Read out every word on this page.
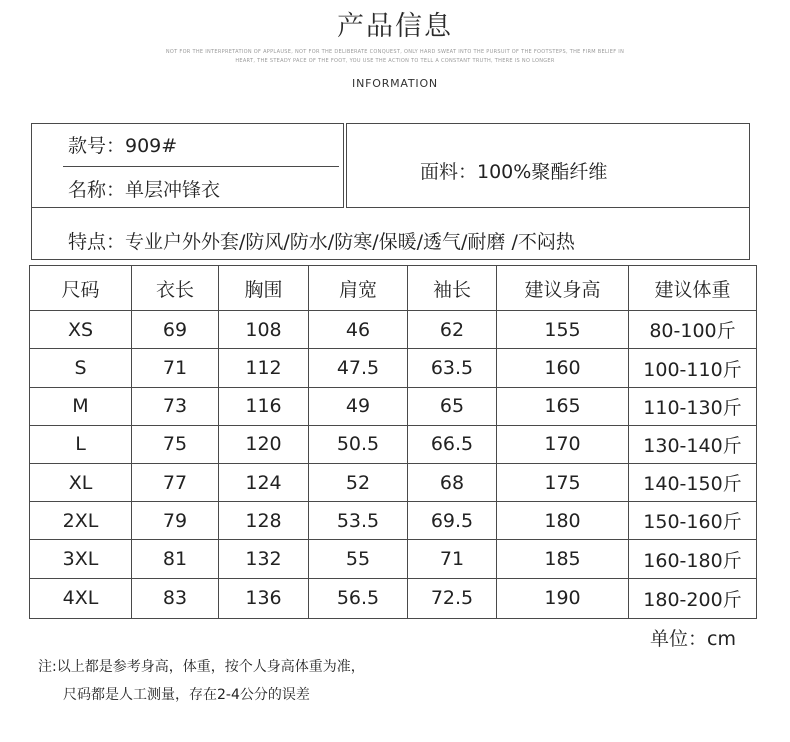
产品信息
NOT FOR THE INTERPRETATION OF APPLAUSE, NOT FOR THE DELIBERATE CONQUEST, ONLY HARD SWEAT INTO THE PURSUIT OF THE FOOTSTEPS, THE FIRM BELIEF IN
HEART, THE STEADY PACE OF THE FOOT, YOU USE THE ACTION TO TELL A CONSTANT TRUTH, THERE IS NO LONGER
INFORMATION
款号：909#
名称：单层冲锋衣
面料：100%聚酯纤维
特点：专业户外外套/防风/防水/防寒/保暖/透气/耐磨 /不闷热
尺码	衣长	胸围	肩宽	袖长	建议身高	建议体重
XS	69	108	46	62	155	80-100斤
S	71	112	47.5	63.5	160	100-110斤
M	73	116	49	65	165	110-130斤
L	75	120	50.5	66.5	170	130-140斤
XL	77	124	52	68	175	140-150斤
2XL	79	128	53.5	69.5	180	150-160斤
3XL	81	132	55	71	185	160-180斤
4XL	83	136	56.5	72.5	190	180-200斤
单位：cm
注:以上都是参考身高，体重，按个人身高体重为准，
尺码都是人工测量，存在2-4公分的误差
